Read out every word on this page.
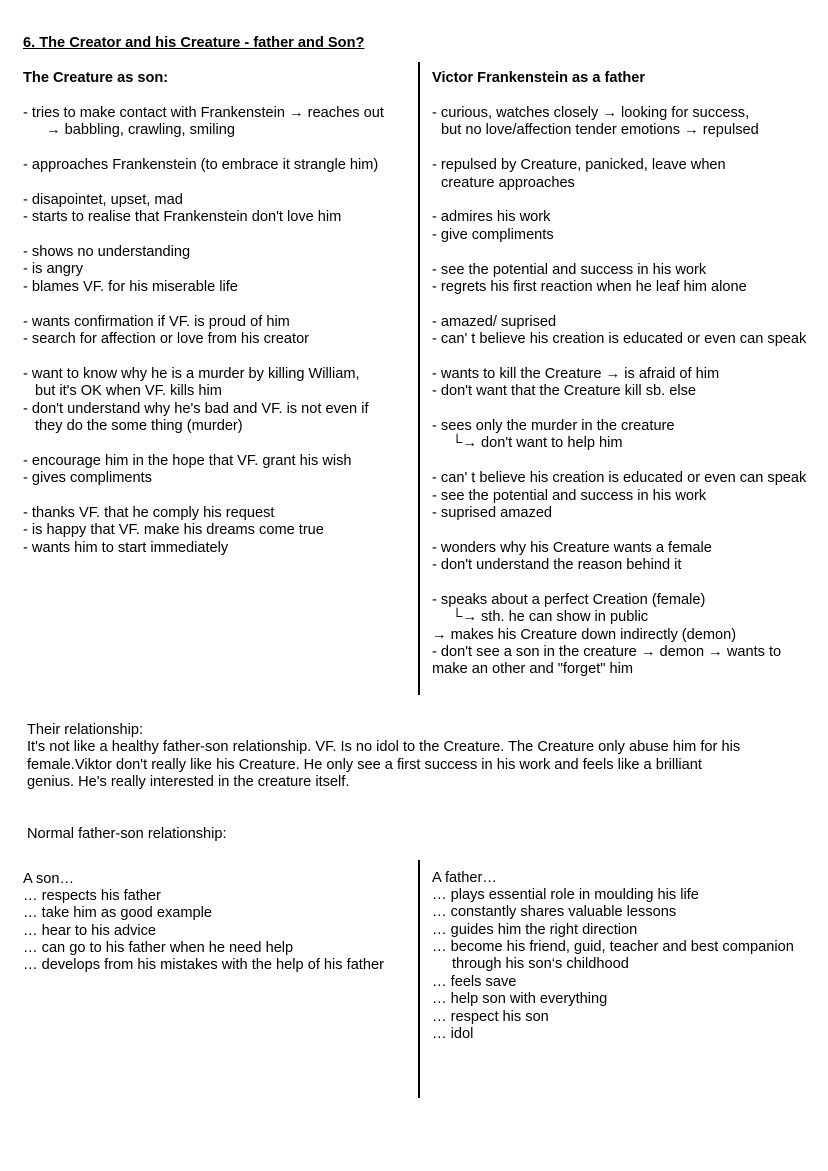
6. The Creator and his Creature - father and Son?
The Creature as son:
- tries to make contact with Frankenstein → reaches out
→ babbling, crawling, smiling
- approaches Frankenstein (to embrace it strangle him)
- disapointet, upset, mad
- starts to realise that Frankenstein don't love him
- shows no understanding
- is angry
- blames VF. for his miserable life
- wants confirmation if VF. is proud of him
- search for affection or love from his creator
- want to know why he is a murder by killing William,
but it's OK when VF. kills him
- don't understand why he's bad and VF. is not even if
they do the some thing (murder)
- encourage him in the hope that VF. grant his wish
- gives compliments
- thanks VF. that he comply his request
- is happy that VF. make his dreams come true
- wants him to start immediately
Victor Frankenstein as a father
- curious, watches closely → looking for success,
but no love/affection tender emotions → repulsed
- repulsed by Creature, panicked, leave when
creature approaches
- admires his work
- give compliments
- see the potential and success in his work
- regrets his first reaction when he leaf him alone
- amazed/ suprised
- can' t believe his creation is educated or even can speak
- wants to kill the Creature → is afraid of him
- don't want that the Creature kill sb. else
- sees only the murder in the creature
└→ don't want to help him
- can' t believe his creation is educated or even can speak
- see the potential and success in his work
- suprised amazed
- wonders why his Creature wants a female
- don't understand the reason behind it
- speaks about a perfect Creation (female)
└→ sth. he can show in public
→ makes his Creature down indirectly (demon)
- don't see a son in the creature → demon → wants to
make an other and "forget" him
Their relationship:
It's not like a healthy father-son relationship. VF. Is no idol to the Creature. The Creature only abuse him for his
female.Viktor don't really like his Creature. He only see a first success in his work and feels like a brilliant
genius. He's really interested in the creature itself.
Normal father-son relationship:
A son…
… respects his father
… take him as good example
… hear to his advice
… can go to his father when he need help
… develops from his mistakes with the help of his father
A father…
… plays essential role in moulding his life
… constantly shares valuable lessons
… guides him the right direction
… become his friend, guid, teacher and best companion
through his son‘s childhood
… feels save
… help son with everything
… respect his son
… idol
